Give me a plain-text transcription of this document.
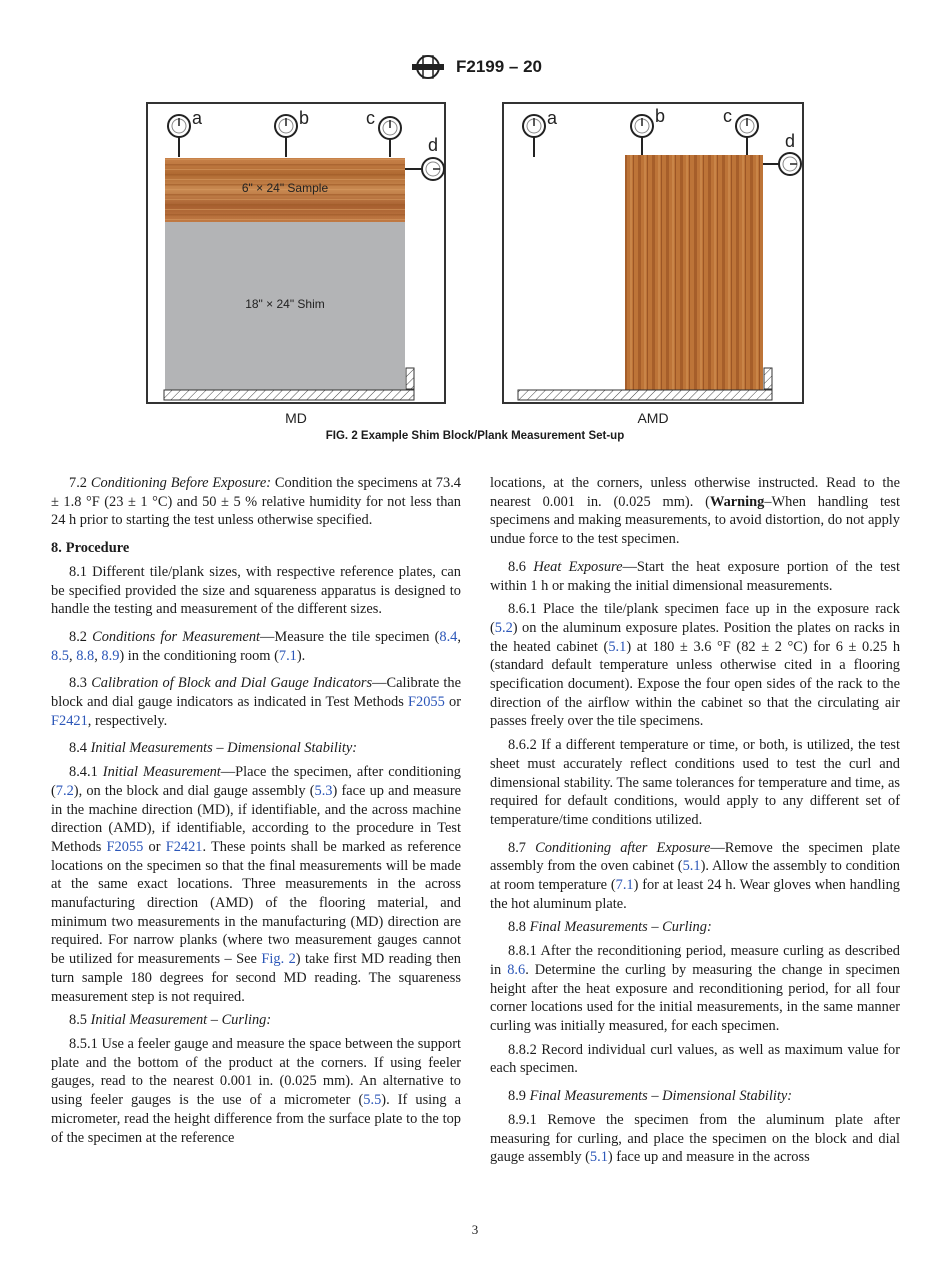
F2199 – 20
a	b	c
d
6" × 24" Sample
18" × 24" Shim
MD
a	b	c
d
AMD
FIG. 2 Example Shim Block/Plank Measurement Set-up

7.2 Conditioning Before Exposure: Condition the specimens at 73.4 ± 1.8 °F (23 ± 1 °C) and 50 ± 5 % relative humidity for not less than 24 h prior to starting the test unless otherwise specified.

8. Procedure

8.1 Different tile/plank sizes, with respective reference plates, can be specified provided the size and squareness apparatus is designed to handle the testing and measurement of the different sizes.

8.2 Conditions for Measurement—Measure the tile specimen (8.4, 8.5, 8.8, 8.9) in the conditioning room (7.1).

8.3 Calibration of Block and Dial Gauge Indicators—Calibrate the block and dial gauge indicators as indicated in Test Methods F2055 or F2421, respectively.

8.4 Initial Measurements – Dimensional Stability:

8.4.1 Initial Measurement—Place the specimen, after conditioning (7.2), on the block and dial gauge assembly (5.3) face up and measure in the machine direction (MD), if identifiable, and the across machine direction (AMD), if identifiable, according to the procedure in Test Methods F2055 or F2421. These points shall be marked as reference locations on the specimen so that the final measurements will be made at the same exact locations. Three measurements in the across manufacturing direction (AMD) of the flooring material, and minimum two measurements in the manufacturing (MD) direction are required. For narrow planks (where two measurement gauges cannot be utilized for measurements – See Fig. 2) take first MD reading then turn sample 180 degrees for second MD reading. The squareness measurement step is not required.

8.5 Initial Measurement – Curling:

8.5.1 Use a feeler gauge and measure the space between the support plate and the bottom of the product at the corners. If using feeler gauges, read to the nearest 0.001 in. (0.025 mm). An alternative to using feeler gauges is the use of a micrometer (5.5). If using a micrometer, read the height difference from the surface plate to the top of the specimen at the reference

locations, at the corners, unless otherwise instructed. Read to the nearest 0.001 in. (0.025 mm). (Warning–When handling test specimens and making measurements, to avoid distortion, do not apply undue force to the test specimen.

8.6 Heat Exposure—Start the heat exposure portion of the test within 1 h or making the initial dimensional measurements.

8.6.1 Place the tile/plank specimen face up in the exposure rack (5.2) on the aluminum exposure plates. Position the plates on racks in the heated cabinet (5.1) at 180 ± 3.6 °F (82 ± 2 °C) for 6 ± 0.25 h (standard default temperature unless otherwise cited in a flooring specification document). Expose the four open sides of the rack to the direction of the airflow within the cabinet so that the circulating air passes freely over the tile specimens.

8.6.2 If a different temperature or time, or both, is utilized, the test sheet must accurately reflect conditions used to test the curl and dimensional stability. The same tolerances for temperature and time, as required for default conditions, would apply to any different set of temperature/time conditions utilized.

8.7 Conditioning after Exposure—Remove the specimen plate assembly from the oven cabinet (5.1). Allow the assembly to condition at room temperature (7.1) for at least 24 h. Wear gloves when handling the hot aluminum plate.

8.8 Final Measurements – Curling:

8.8.1 After the reconditioning period, measure curling as described in 8.6. Determine the curling by measuring the change in specimen height after the heat exposure and reconditioning period, for all four corner locations used for the initial measurements, in the same manner curling was initially measured, for each specimen.

8.8.2 Record individual curl values, as well as maximum value for each specimen.

8.9 Final Measurements – Dimensional Stability:

8.9.1 Remove the specimen from the aluminum plate after measuring for curling, and place the specimen on the block and dial gauge assembly (5.1) face up and measure in the across

3
